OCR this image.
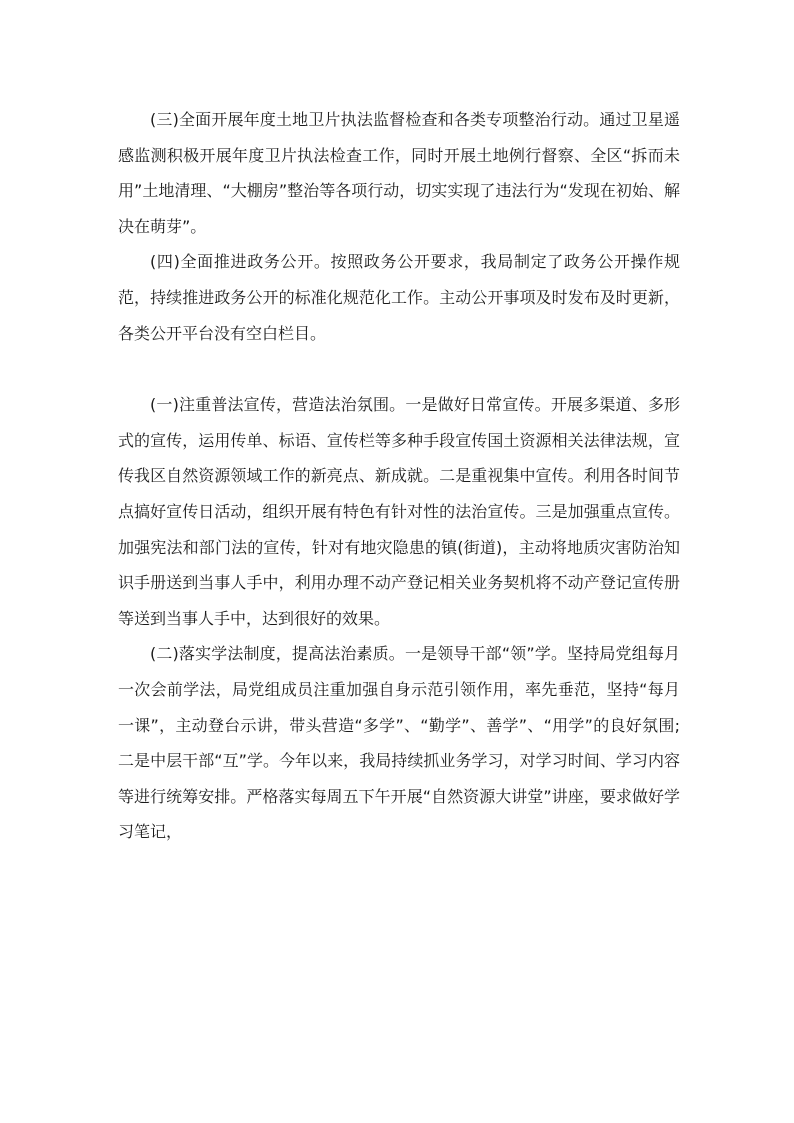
(三)全面开展年度土地卫片执法监督检查和各类专项整治行动。通过卫星遥感监测积极开展年度卫片执法检查工作，同时开展土地例行督察、全区“拆而未用”土地清理、“大棚房”整治等各项行动，切实实现了违法行为“发现在初始、解决在萌芽”。

(四)全面推进政务公开。按照政务公开要求，我局制定了政务公开操作规范，持续推进政务公开的标准化规范化工作。主动公开事项及时发布及时更新，各类公开平台没有空白栏目。

(一)注重普法宣传，营造法治氛围。一是做好日常宣传。开展多渠道、多形式的宣传，运用传单、标语、宣传栏等多种手段宣传国土资源相关法律法规，宣传我区自然资源领域工作的新亮点、新成就。二是重视集中宣传。利用各时间节点搞好宣传日活动，组织开展有特色有针对性的法治宣传。三是加强重点宣传。加强宪法和部门法的宣传，针对有地灾隐患的镇(街道)，主动将地质灾害防治知识手册送到当事人手中，利用办理不动产登记相关业务契机将不动产登记宣传册等送到当事人手中，达到很好的效果。

(二)落实学法制度，提高法治素质。一是领导干部“领”学。坚持局党组每月一次会前学法，局党组成员注重加强自身示范引领作用，率先垂范，坚持“每月一课”，主动登台示讲，带头营造“多学”、“勤学”、善学”、“用学”的良好氛围;二是中层干部“互”学。今年以来，我局持续抓业务学习，对学习时间、学习内容等进行统筹安排。严格落实每周五下午开展“自然资源大讲堂”讲座，要求做好学习笔记，
